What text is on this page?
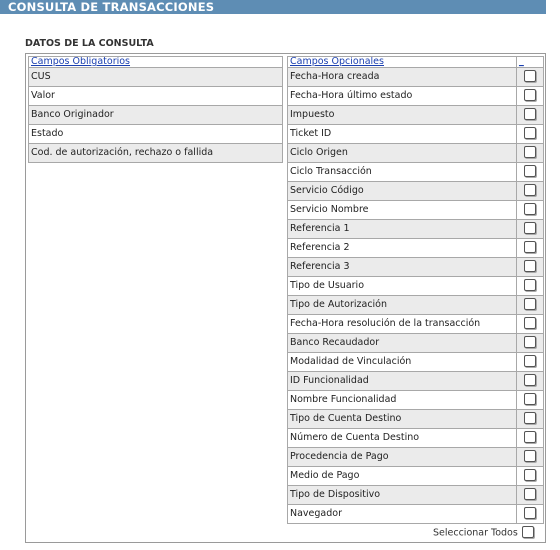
CONSULTA DE TRANSACCIONES
DATOS DE LA CONSULTA
Campos Obligatorios
CUS
Valor
Banco Originador
Estado
Cod. de autorización, rechazo o fallida
Campos Opcionales	_
Fecha-Hora creada	
Fecha-Hora último estado	
Impuesto	
Ticket ID	
Ciclo Origen	
Ciclo Transacción	
Servicio Código	
Servicio Nombre	
Referencia 1	
Referencia 2	
Referencia 3	
Tipo de Usuario	
Tipo de Autorización	
Fecha-Hora resolución de la transacción	
Banco Recaudador	
Modalidad de Vinculación	
ID Funcionalidad	
Nombre Funcionalidad	
Tipo de Cuenta Destino	
Número de Cuenta Destino	
Procedencia de Pago	
Medio de Pago	
Tipo de Dispositivo	
Navegador	
Seleccionar Todos
